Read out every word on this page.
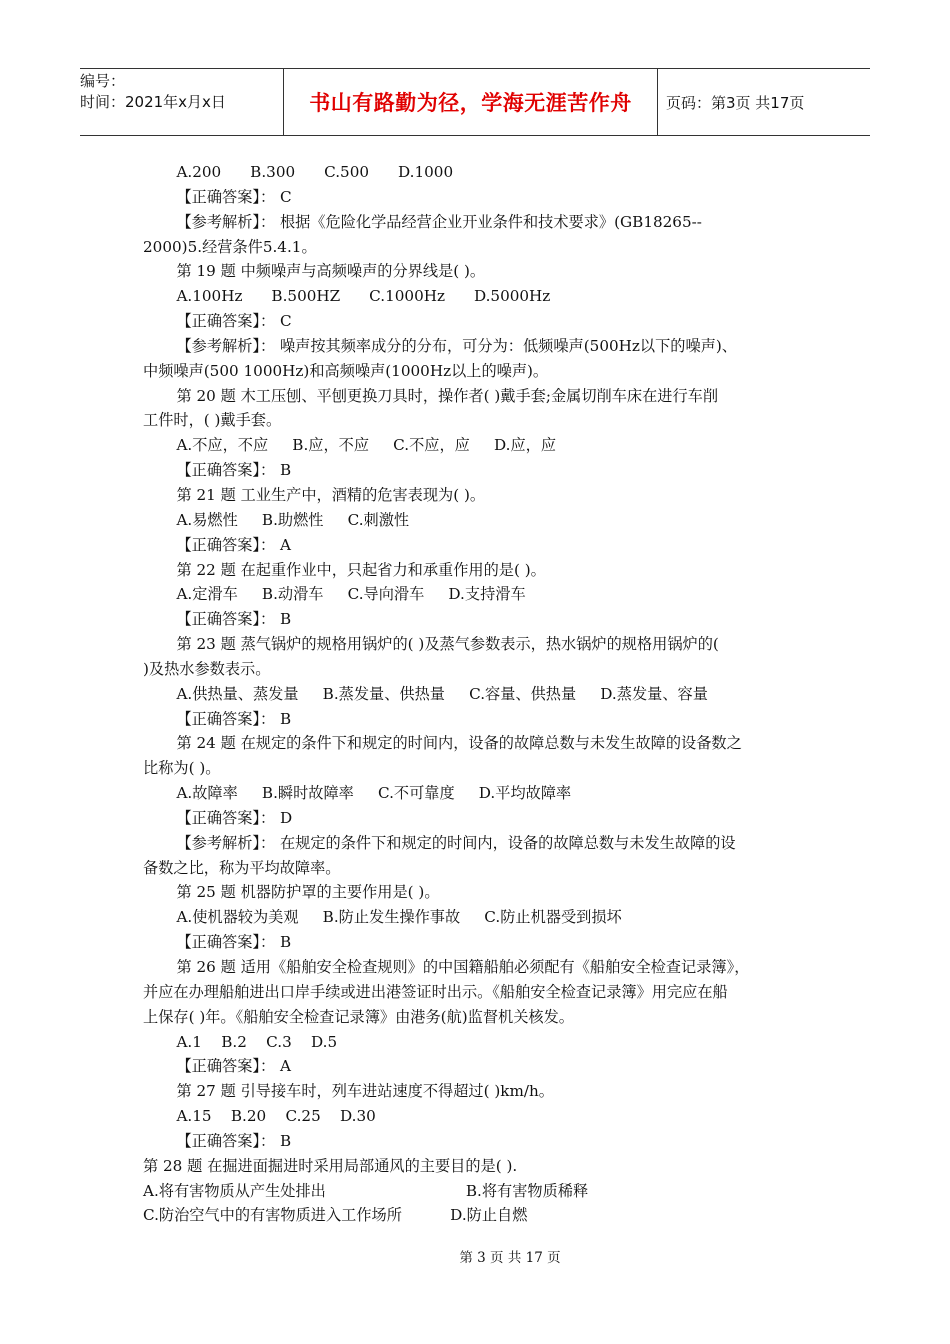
编号：
时间：2021年x月x日	书山有路勤为径，学海无涯苦作舟 页码：第3页 共17页

A.200      B.300      C.500      D.1000

【正确答案】： C

【参考解析】： 根据《危险化学品经营企业开业条件和技术要求》(GB18265--

2000)5.经营条件5.4.1。

第 19 题 中频噪声与高频噪声的分界线是( )。

A.100Hz      B.500HZ      C.1000Hz      D.5000Hz

【正确答案】： C

【参考解析】： 噪声按其频率成分的分布，可分为：低频噪声(500Hz以下的噪声)、

中频噪声(500 1000Hz)和高频噪声(1000Hz以上的噪声)。

第 20 题 木工压刨、平刨更换刀具时，操作者( )戴手套;金属切削车床在进行车削

工件时，( )戴手套。

A.不应，不应     B.应，不应     C.不应，应     D.应，应

【正确答案】： B

第 21 题 工业生产中，酒精的危害表现为( )。

A.易燃性     B.助燃性     C.刺激性

【正确答案】： A

第 22 题 在起重作业中，只起省力和承重作用的是( )。

A.定滑车     B.动滑车     C.导向滑车     D.支持滑车

【正确答案】： B

第 23 题 蒸气锅炉的规格用锅炉的( )及蒸气参数表示，热水锅炉的规格用锅炉的(

)及热水参数表示。

A.供热量、蒸发量     B.蒸发量、供热量     C.容量、供热量     D.蒸发量、容量

【正确答案】： B

第 24 题 在规定的条件下和规定的时间内，设备的故障总数与未发生故障的设备数之

比称为( )。

A.故障率     B.瞬时故障率     C.不可靠度     D.平均故障率

【正确答案】： D

【参考解析】： 在规定的条件下和规定的时间内，设备的故障总数与未发生故障的设

备数之比，称为平均故障率。

第 25 题 机器防护罩的主要作用是( )。

A.使机器较为美观     B.防止发生操作事故     C.防止机器受到损坏

【正确答案】： B

第 26 题 适用《船舶安全检查规则》的中国籍船舶必须配有《船舶安全检查记录簿》，

并应在办理船舶进出口岸手续或进出港签证时出示。《船舶安全检查记录簿》用完应在船

上保存( )年。《船舶安全检查记录簿》由港务(航)监督机关核发。

A.1    B.2    C.3    D.5

【正确答案】： A

第 27 题 引导接车时，列车进站速度不得超过( )km/h。

A.15    B.20    C.25    D.30

【正确答案】： B

第 28 题 在掘进面掘进时采用局部通风的主要目的是( ).

A.将有害物质从产生处排出                             B.将有害物质稀释

C.防治空气中的有害物质进入工作场所          D.防止自燃

第 3 页 共 17 页
